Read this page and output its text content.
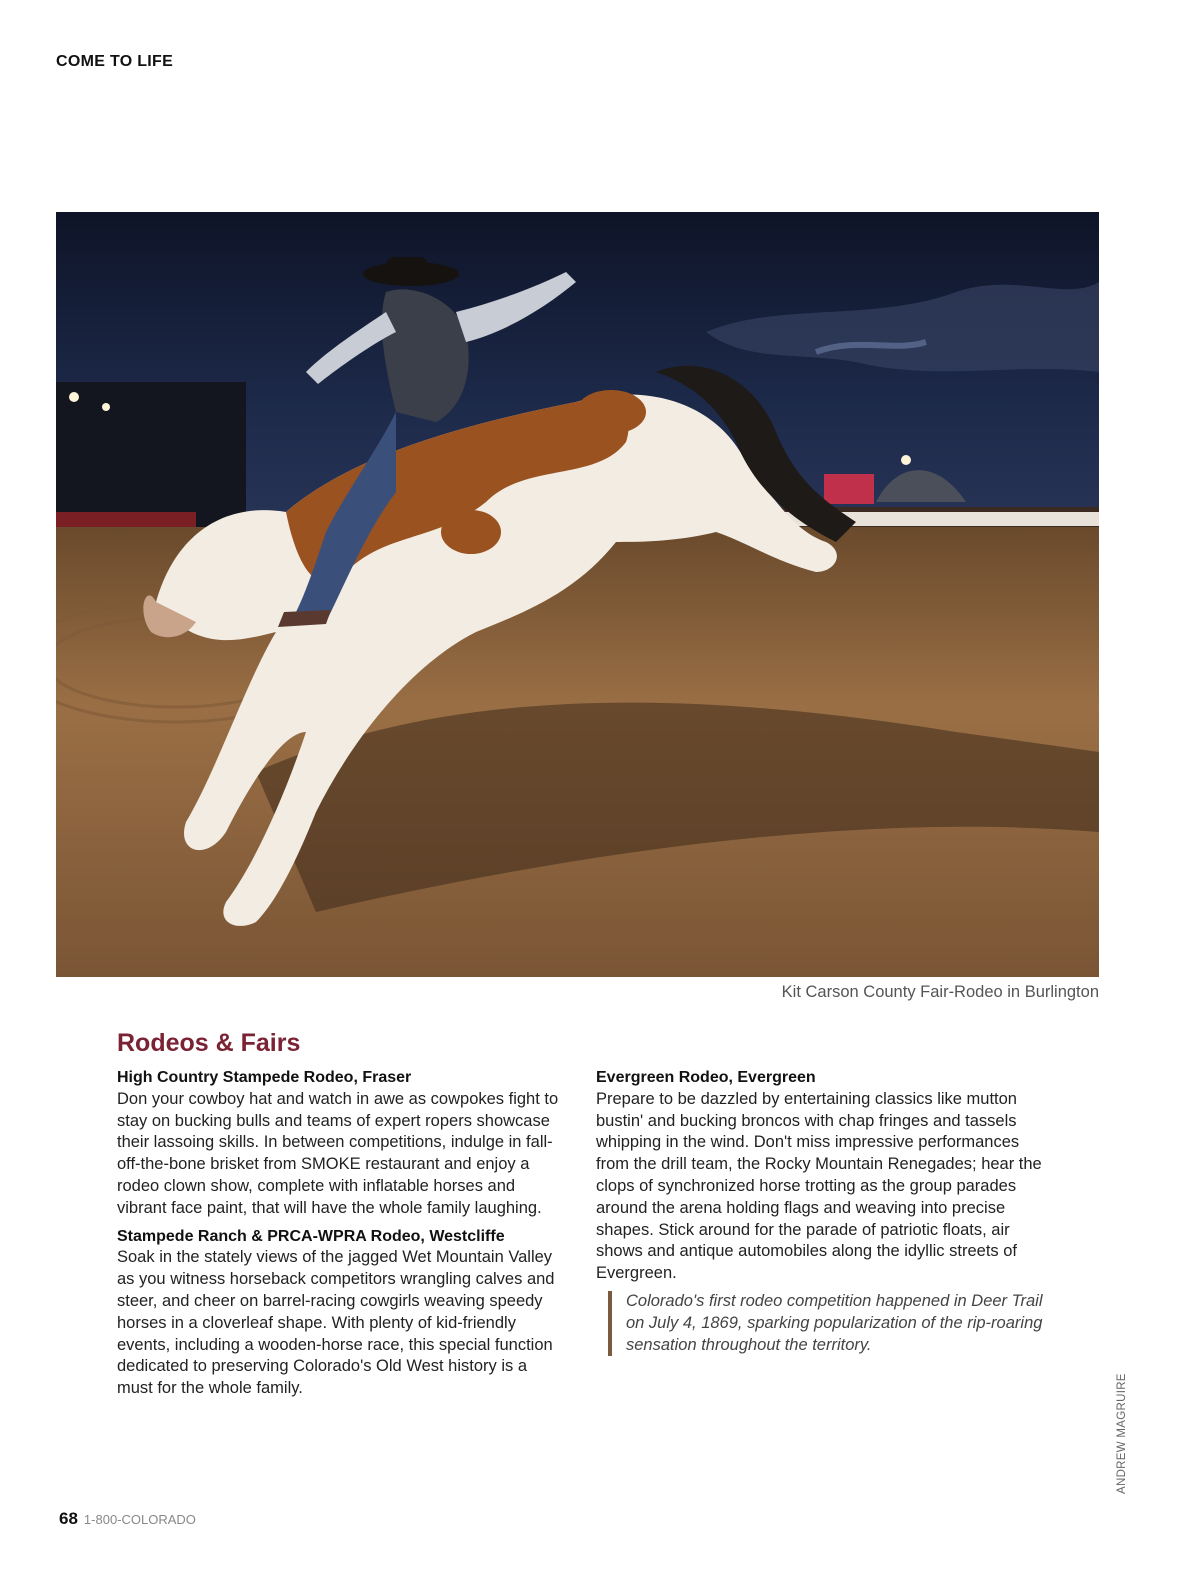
COME TO LIFE
Kit Carson County Fair-Rodeo in Burlington
Rodeos & Fairs

High Country Stampede Rodeo, Fraser

Don your cowboy hat and watch in awe as cowpokes fight to stay on bucking bulls and teams of expert ropers showcase their lassoing skills. In between competitions, indulge in fall-off-the-bone brisket from SMOKE restaurant and enjoy a rodeo clown show, complete with inflatable horses and vibrant face paint, that will have the whole family laughing.

Stampede Ranch & PRCA-WPRA Rodeo, Westcliffe

Soak in the stately views of the jagged Wet Mountain Valley as you witness horseback competitors wrangling calves and steer, and cheer on barrel-racing cowgirls weaving speedy horses in a cloverleaf shape. With plenty of kid-friendly events, including a wooden-horse race, this special function dedicated to preserving Colorado's Old West history is a must for the whole family.

Evergreen Rodeo, Evergreen

Prepare to be dazzled by entertaining classics like mutton bustin' and bucking broncos with chap fringes and tassels whipping in the wind. Don't miss impressive performances from the drill team, the Rocky Mountain Renegades; hear the clops of synchronized horse trotting as the group parades around the arena holding flags and weaving into precise shapes. Stick around for the parade of patriotic floats, air shows and antique automobiles along the idyllic streets of Evergreen.

Colorado's first rodeo competition happened in Deer Trail on July 4, 1869, sparking popularization of the rip-roaring sensation throughout the territory.
ANDREW MAGRUIRE
68 1-800-COLORADO
